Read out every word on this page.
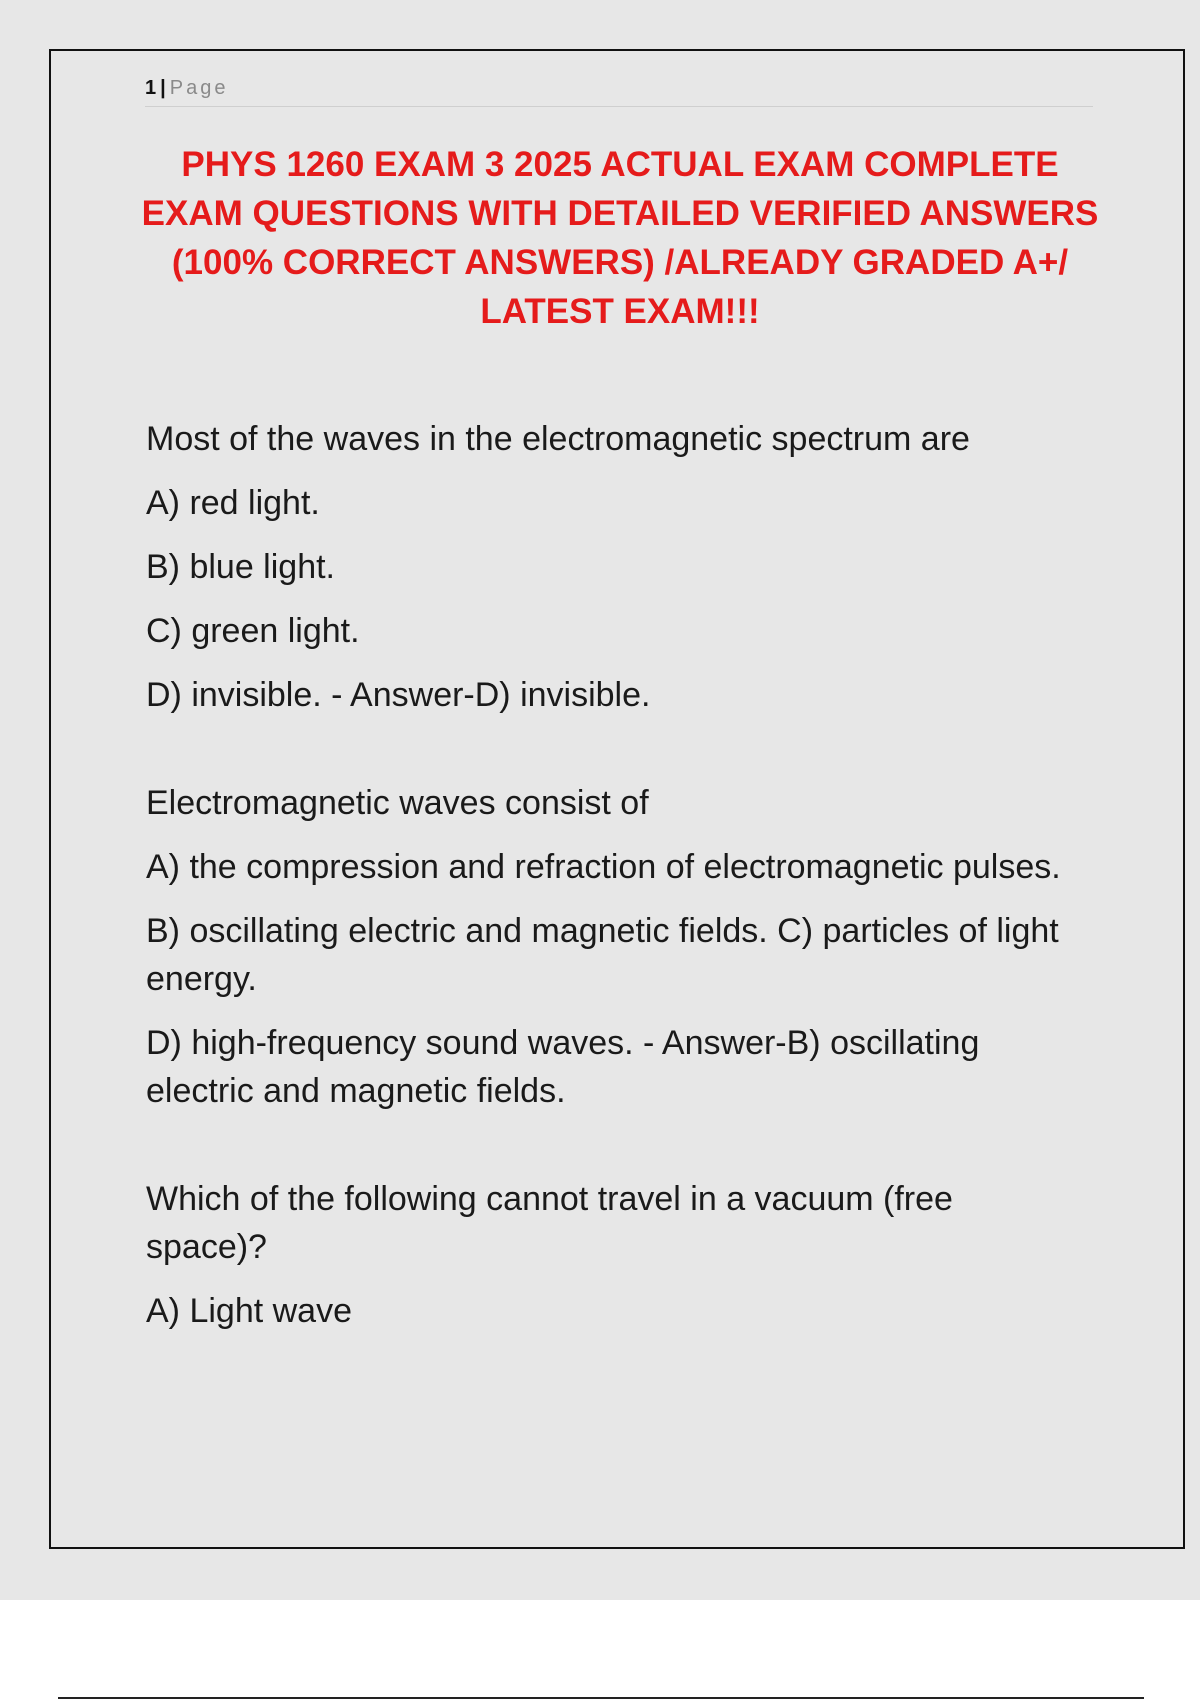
1 | Page
PHYS 1260 EXAM 3 2025 ACTUAL EXAM COMPLETE EXAM QUESTIONS WITH DETAILED VERIFIED ANSWERS (100% CORRECT ANSWERS) /ALREADY GRADED A+/ LATEST EXAM!!!

Most of the waves in the electromagnetic spectrum are

A) red light.

B) blue light.

C) green light.

D) invisible. - Answer-D) invisible.

Electromagnetic waves consist of

A) the compression and refraction of electromagnetic pulses.

B) oscillating electric and magnetic fields. C) particles of light energy.

D) high-frequency sound waves. - Answer-B) oscillating electric and magnetic fields.

Which of the following cannot travel in a vacuum (free space)?

A) Light wave
